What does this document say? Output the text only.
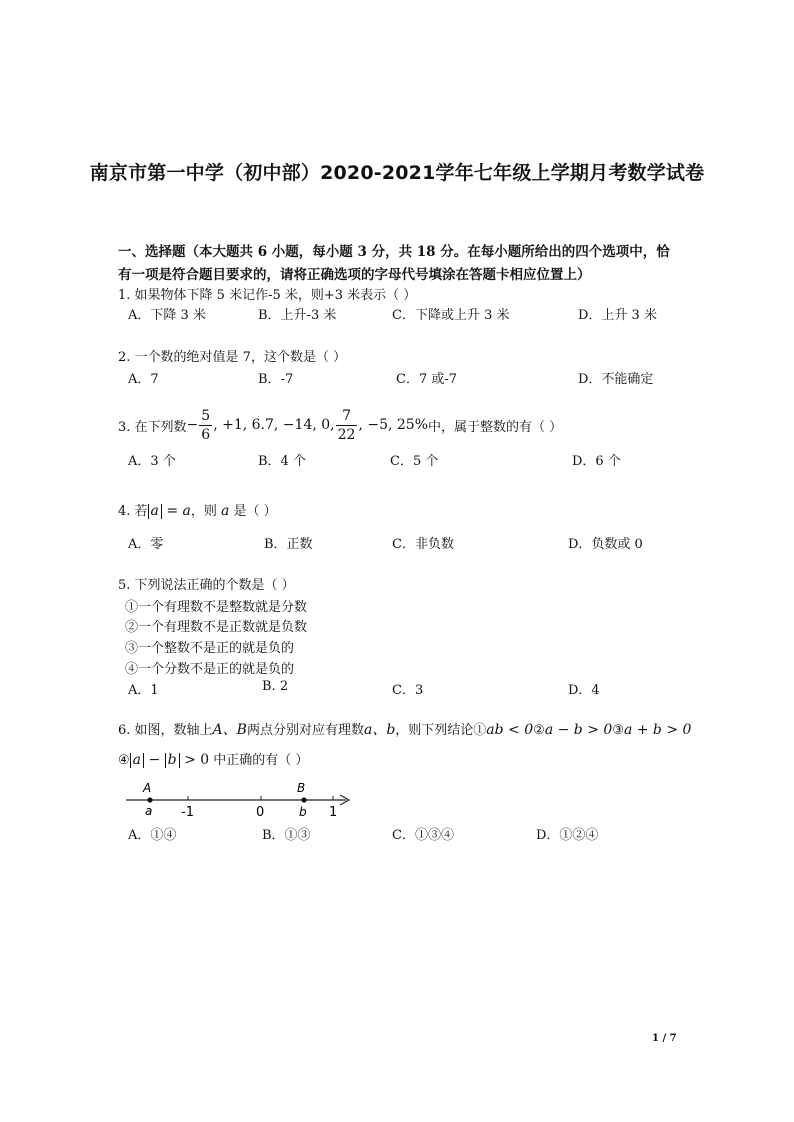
南京市第一中学（初中部）2020-2021学年七年级上学期月考数学试卷
一、选择题（本大题共 6 小题，每小题 3 分，共 18 分。在每小题所给出的四个选项中，恰
有一项是符合题目要求的，请将正确选项的字母代号填涂在答题卡相应位置上）
1. 如果物体下降 5 米记作-5 米，则+3 米表示（ ）
A．下降 3 米	B．上升-3 米	C．下降或上升 3 米	D．上升 3 米
2. 一个数的绝对值是 7，这个数是（ ）
A．7	B．-7	C．7 或-7	D．不能确定
3. 在下列数 − $\frac{5}{6}$ , +1, 6.7, −14, 0, $\frac{7}{22}$ , −5, 25% 中，属于整数的有（ ）
A．3 个	B．4 个	C．5 个	D．6 个
4. 若 a = a，则 a 是（ ）
A．零	B．正数	C．非负数	D．负数或 0
5. 下列说法正确的个数是（ ）
①一个有理数不是整数就是分数
②一个有理数不是正数就是负数
③一个整数不是正的就是负的
④一个分数不是正的就是负的
A．1	B. 2	C．3	D．4
6. 如图，数轴上A、B两点分别对应有理数a、b，则下列结论①ab < 0②a − b > 0③a + b > 0
④ a − b > 0 中正确的有（ ）
A
a
B
b
-1	0	1
A．①④	B．①③	C．①③④	D．①②④
1 / 7
